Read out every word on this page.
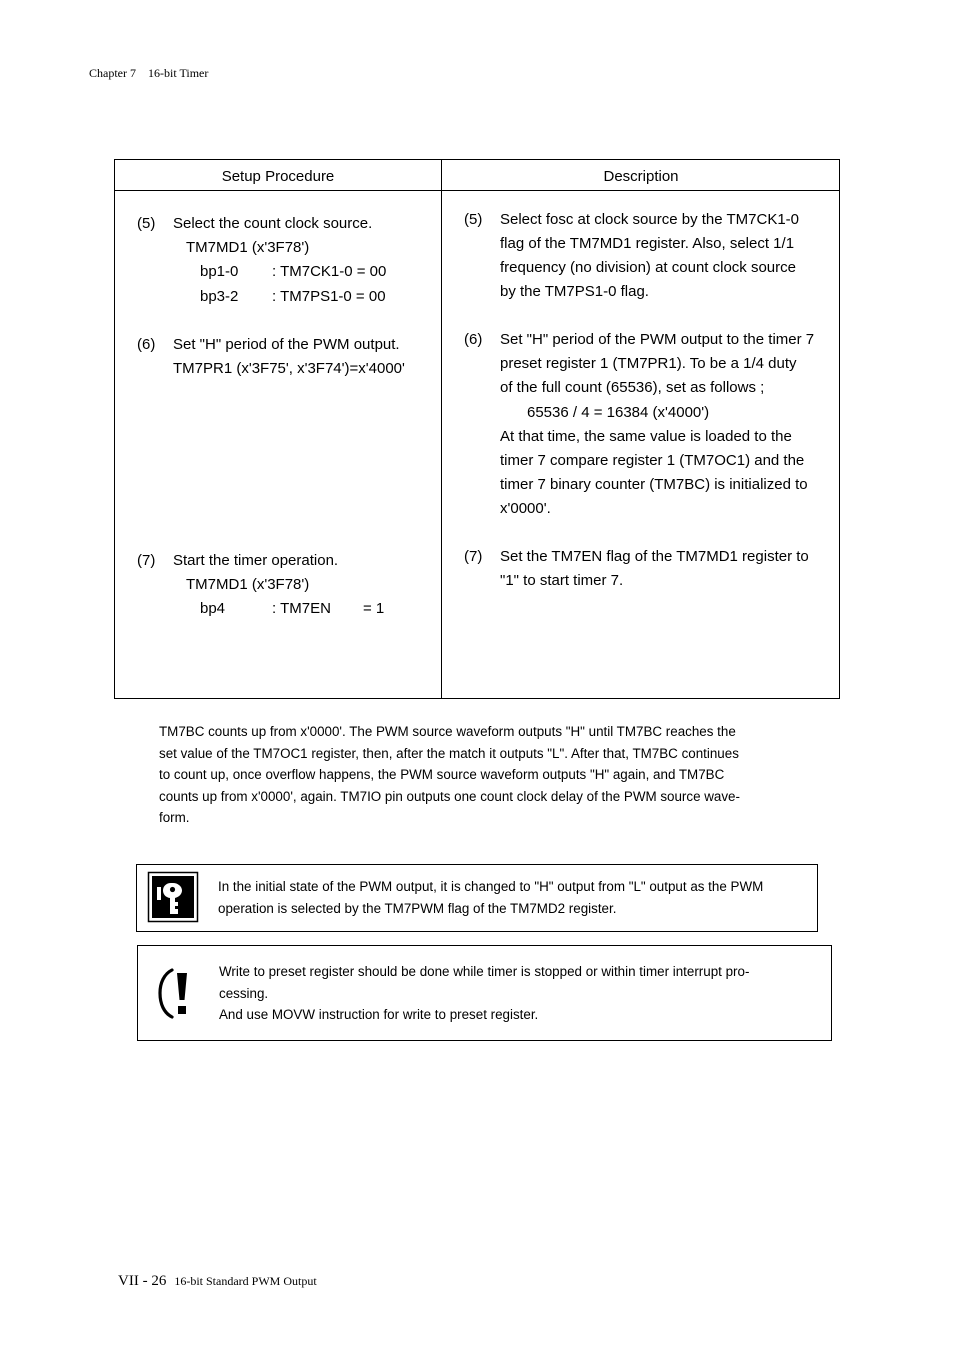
Chapter 7 16-bit Timer
Setup Procedure	Description
(5) Select the count clock source.
TM7MD1 (x'3F78')
bp1-0 : TM7CK1-0 = 00
bp3-2 : TM7PS1-0 = 00
(5) Select fosc at clock source by the TM7CK1-0
flag of the TM7MD1 register. Also, select 1/1
frequency (no division) at count clock source
by the TM7PS1-0 flag.
(6) Set "H" period of the PWM output.
TM7PR1 (x'3F75', x'3F74')=x'4000'
(6) Set "H" period of the PWM output to the timer 7
preset register 1 (TM7PR1). To be a 1/4 duty
of the full count (65536), set as follows ;
65536 / 4 = 16384 (x'4000')
At that time, the same value is loaded to the
timer 7 compare register 1 (TM7OC1) and the
timer 7 binary counter (TM7BC) is initialized to
x'0000'.
(7) Start the timer operation.
TM7MD1 (x'3F78')
bp4	: TM7EN = 1
(7) Set the TM7EN flag of the TM7MD1 register to
"1" to start timer 7.
TM7BC counts up from x'0000'. The PWM source waveform outputs "H" until TM7BC reaches the
set value of the TM7OC1 register, then, after the match it outputs "L". After that, TM7BC continues
to count up, once overflow happens, the PWM source waveform outputs "H" again, and TM7BC
counts up from x'0000', again. TM7IO pin outputs one count clock delay of the PWM source wave-
form.
In the initial state of the PWM output, it is changed to "H" output from "L" output as the PWM
operation is selected by the TM7PWM flag of the TM7MD2 register.
Write to preset register should be done while timer is stopped or within timer interrupt pro-
cessing.
And use MOVW instruction for write to preset register.
VII - 26 16-bit Standard PWM Output
